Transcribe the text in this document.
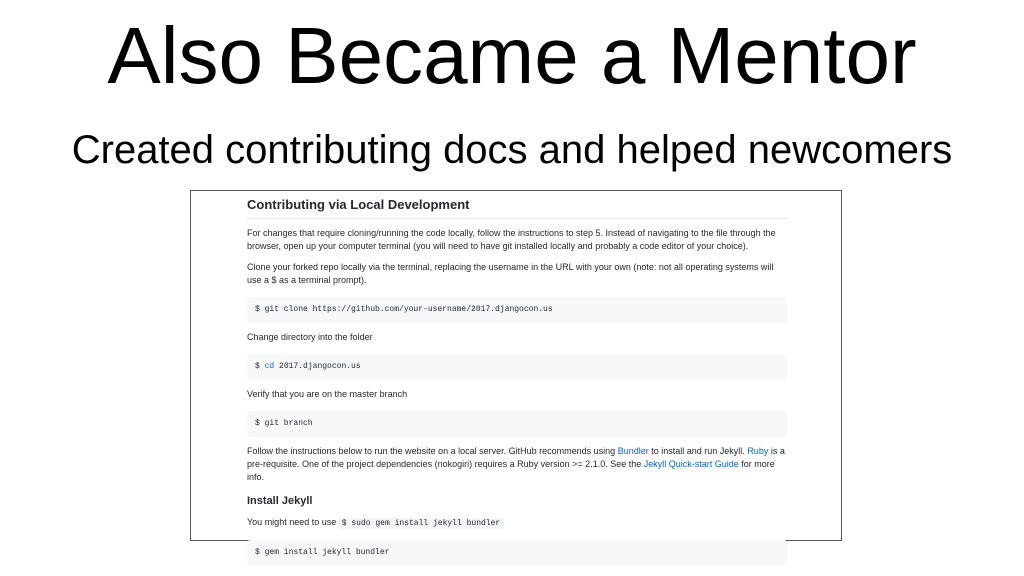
Also Became a Mentor
Created contributing docs and helped newcomers
Contributing via Local Development
For changes that require cloning/running the code locally, follow the instructions to step 5. Instead of navigating to the file through the browser, open up your computer terminal (you will need to have git installed locally and probably a code editor of your choice).
Clone your forked repo locally via the terminal, replacing the username in the URL with your own (note: not all operating systems will use a $ as a terminal prompt).
$ git clone https://github.com/your-username/2017.djangocon.us
Change directory into the folder
$ cd 2017.djangocon.us
Verify that you are on the master branch
$ git branch
Follow the instructions below to run the website on a local server. GitHub recommends using Bundler to install and run Jekyll. Ruby is a pre-requisite. One of the project dependencies (nokogiri) requires a Ruby version >= 2.1.0. See the Jekyll Quick-start Guide for more info.
Install Jekyll
You might need to use $ sudo gem install jekyll bundler
$ gem install jekyll bundler
